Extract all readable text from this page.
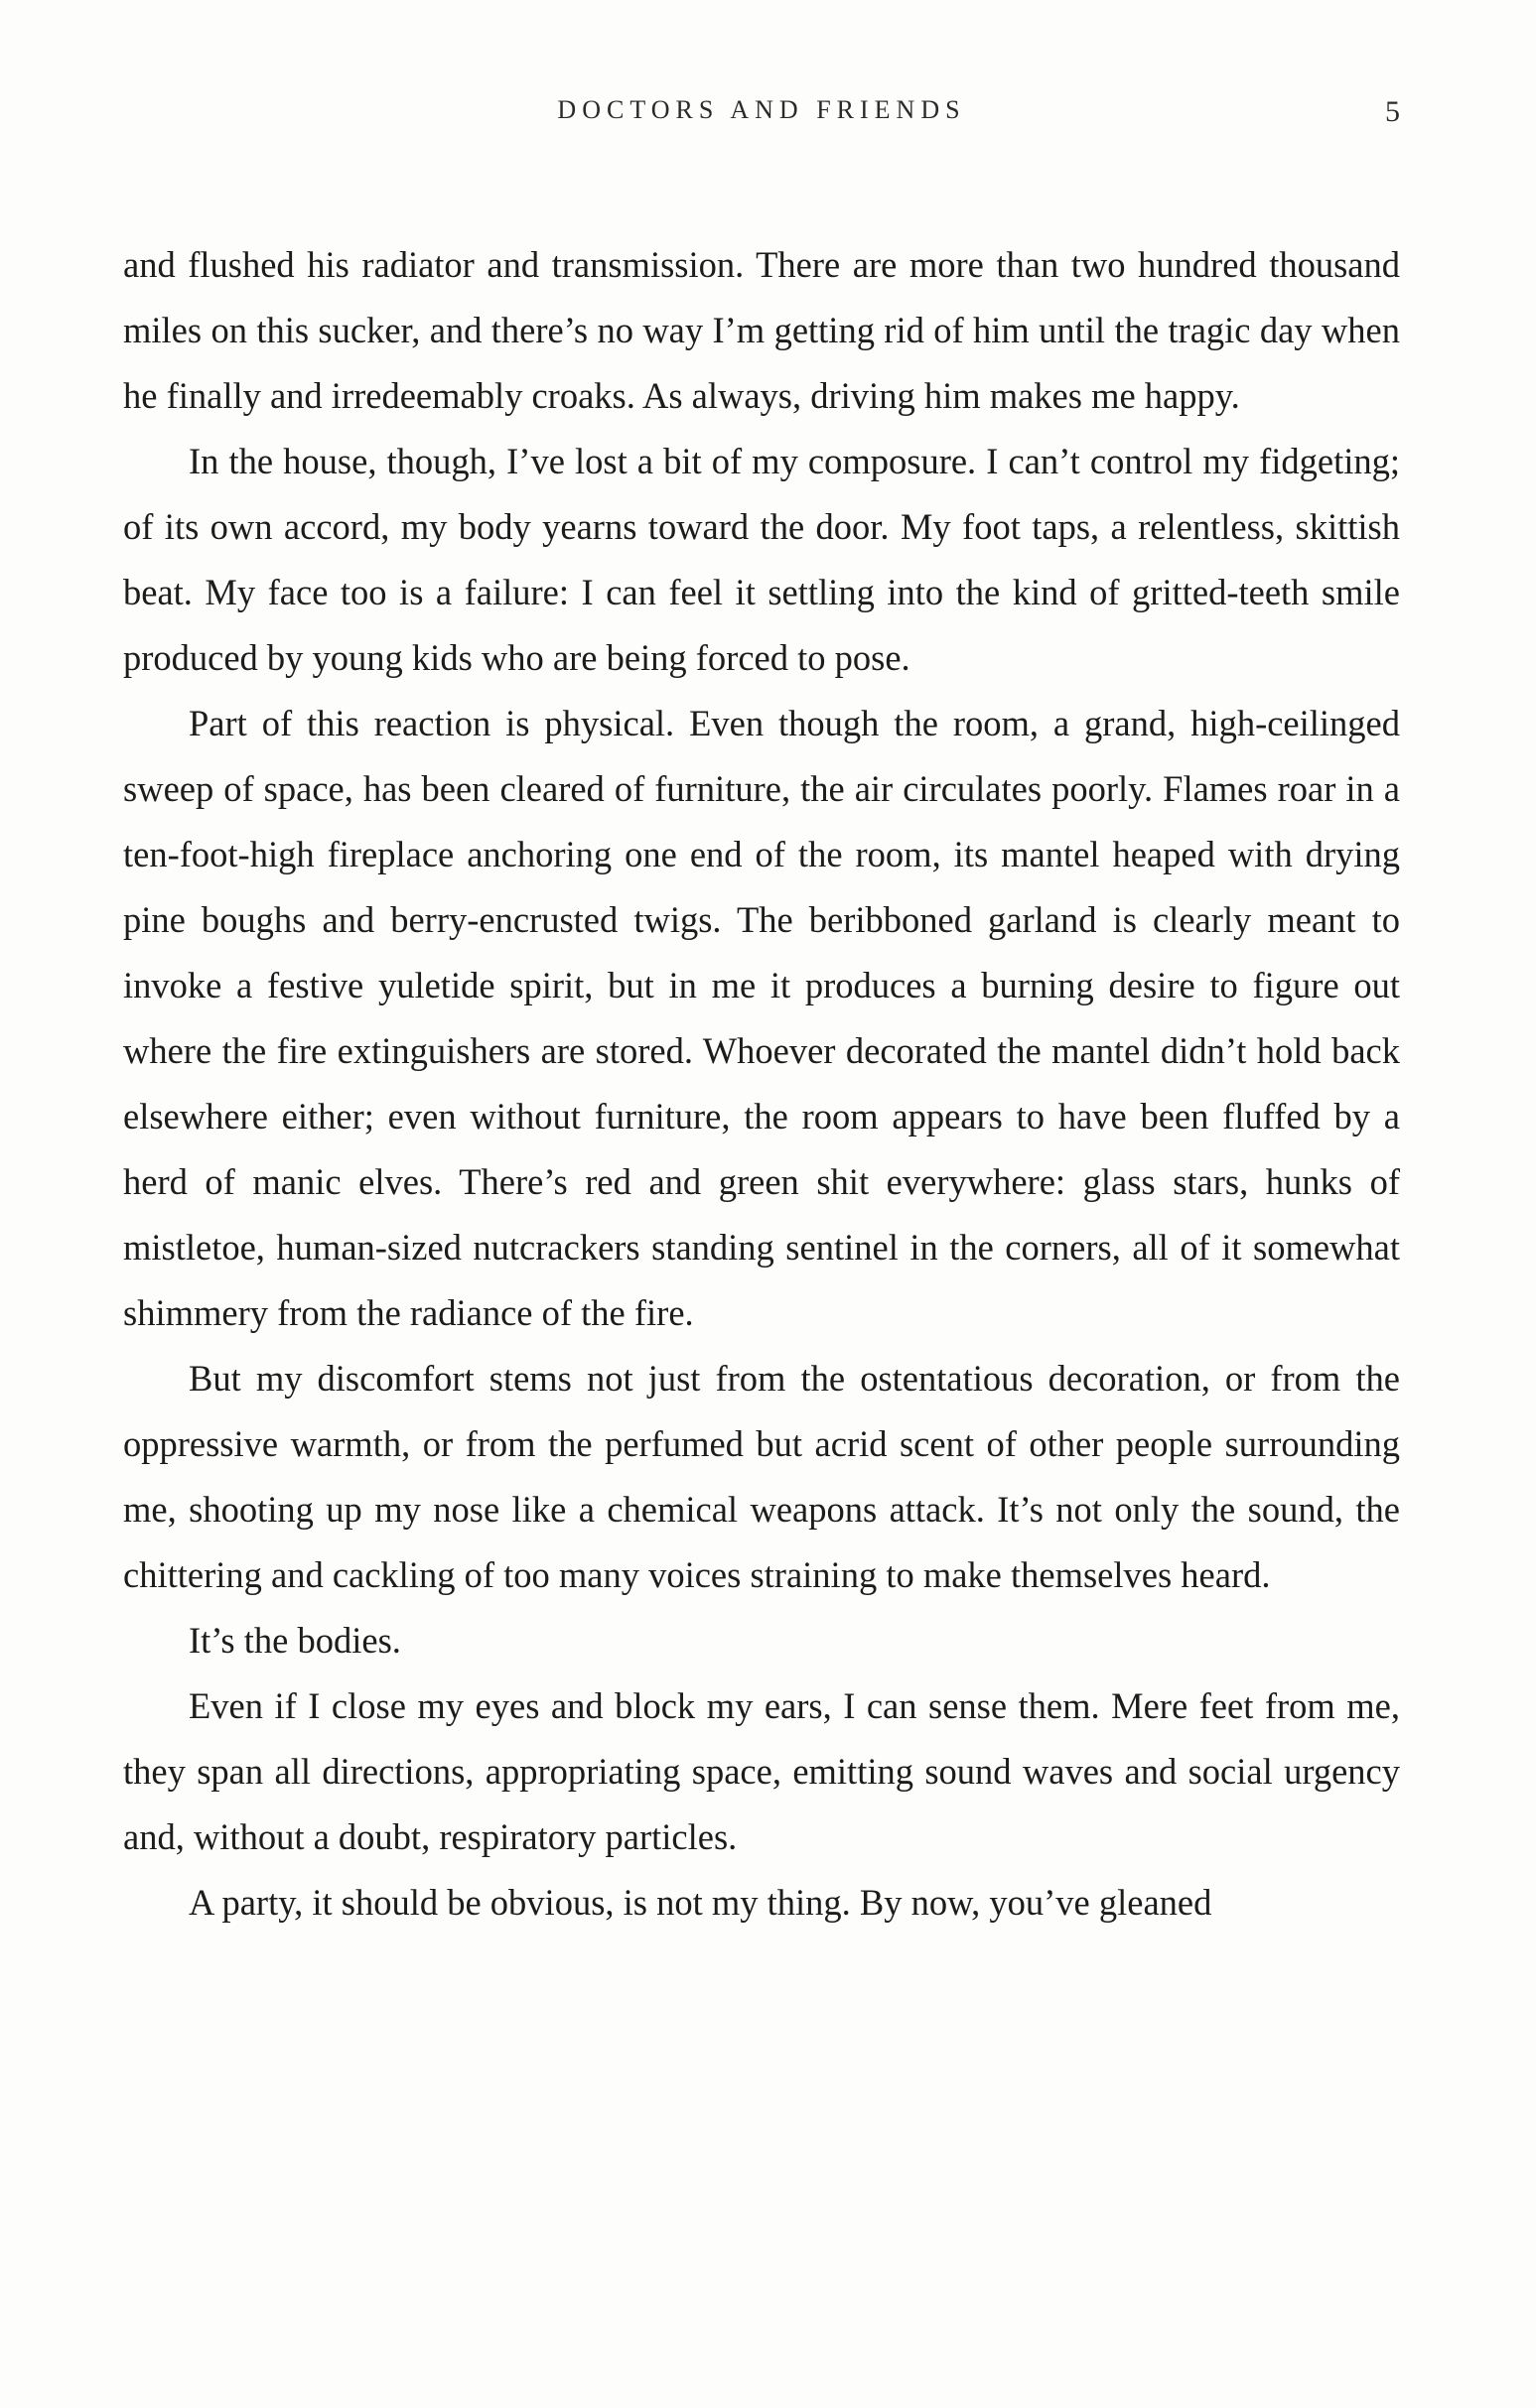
DOCTORS AND FRIENDS	5

and flushed his radiator and transmission. There are more than two hundred thousand miles on this sucker, and there’s no way I’m getting rid of him until the tragic day when he finally and irredeemably croaks. As always, driving him makes me happy.

In the house, though, I’ve lost a bit of my composure. I can’t control my fidgeting; of its own accord, my body yearns toward the door. My foot taps, a relentless, skittish beat. My face too is a failure: I can feel it settling into the kind of gritted-teeth smile produced by young kids who are being forced to pose.

Part of this reaction is physical. Even though the room, a grand, high-ceilinged sweep of space, has been cleared of furniture, the air circulates poorly. Flames roar in a ten-foot-high fireplace anchoring one end of the room, its mantel heaped with drying pine boughs and berry-encrusted twigs. The beribboned garland is clearly meant to invoke a festive yuletide spirit, but in me it produces a burning desire to figure out where the fire extinguishers are stored. Whoever decorated the mantel didn’t hold back elsewhere either; even without furniture, the room appears to have been fluffed by a herd of manic elves. There’s red and green shit everywhere: glass stars, hunks of mistletoe, human-sized nutcrackers standing sentinel in the corners, all of it somewhat shimmery from the radiance of the fire.

But my discomfort stems not just from the ostentatious decoration, or from the oppressive warmth, or from the perfumed but acrid scent of other people surrounding me, shooting up my nose like a chemical weapons attack. It’s not only the sound, the chittering and cackling of too many voices straining to make themselves heard.

It’s the bodies.

Even if I close my eyes and block my ears, I can sense them. Mere feet from me, they span all directions, appropriating space, emitting sound waves and social urgency and, without a doubt, respiratory particles.

A party, it should be obvious, is not my thing. By now, you’ve gleaned
